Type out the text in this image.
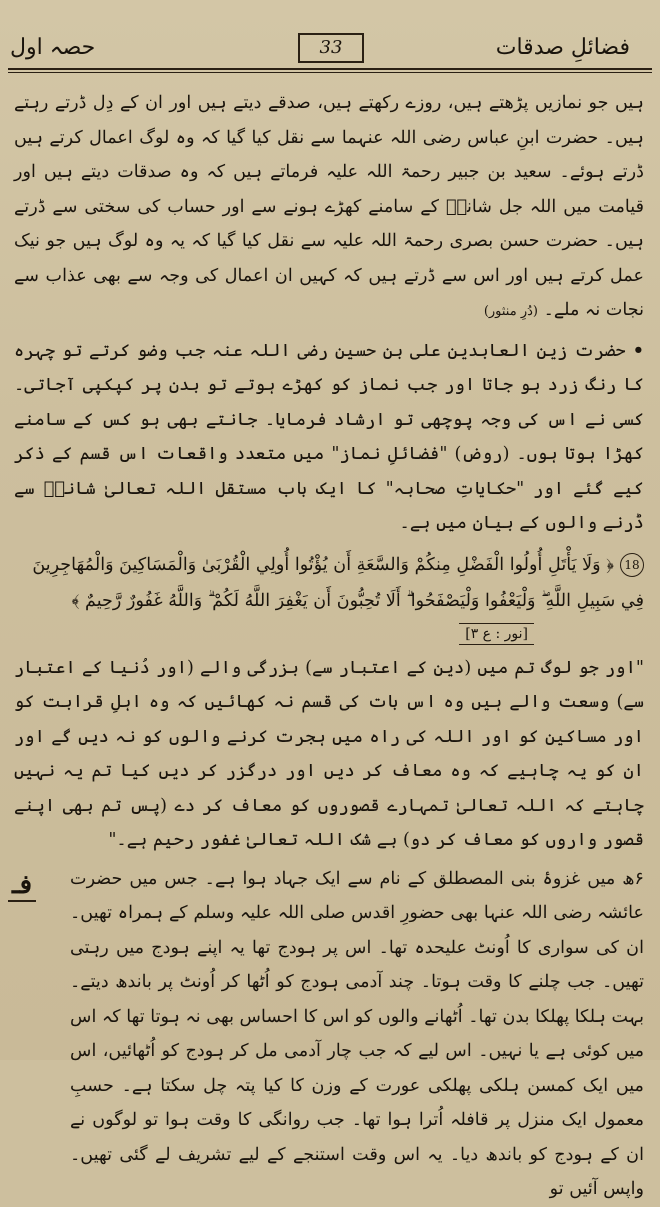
فضائلِ صدقات
33
حصہ اول

ہیں جو نمازیں پڑھتے ہیں، روزے رکھتے ہیں، صدقے دیتے ہیں اور ان کے دِل ڈرتے رہتے ہیں۔ حضرت ابنِ عباس رضی اللہ عنہما سے نقل کیا گیا کہ وہ لوگ اعمال کرتے ہیں ڈرتے ہوئے۔ سعید بن جبیر رحمۃ اللہ علیہ فرماتے ہیں کہ وہ صدقات دیتے ہیں اور قیامت میں اللہ جل شانہٗ کے سامنے کھڑے ہونے سے اور حساب کی سختی سے ڈرتے ہیں۔ حضرت حسن بصری رحمۃ اللہ علیہ سے نقل کیا گیا کہ یہ وہ لوگ ہیں جو نیک عمل کرتے ہیں اور اس سے ڈرتے ہیں کہ کہیں ان اعمال کی وجہ سے بھی عذاب سے نجات نہ ملے۔ (دُرِ منثور)

• حضرت زین العابدین علی بن حسین رضی اللہ عنہ جب وضو کرتے تو چہرہ کا رنگ زرد ہو جاتا اور جب نماز کو کھڑے ہوتے تو بدن پر کپکپی آجاتی۔ کسی نے اس کی وجہ پوچھی تو ارشاد فرمایا۔ جانتے بھی ہو کس کے سامنے کھڑا ہوتا ہوں۔ (روض) "فضائلِ نماز" میں متعدد واقعات اس قسم کے ذکر کیے گئے اور "حکایاتِ صحابہ" کا ایک باب مستقل اللہ تعالیٰ شانہٗ سے ڈرنے والوں کے بیان میں ہے۔

18﴿ وَلَا يَأْتَلِ أُولُوا الْفَضْلِ مِنكُمْ وَالسَّعَةِ أَن يُؤْتُوا أُولِي الْقُرْبَىٰ وَالْمَسَاكِينَ وَالْمُهَاجِرِينَ فِي سَبِيلِ اللَّهِ ۖ وَلْيَعْفُوا وَلْيَصْفَحُوا ۗ أَلَا تُحِبُّونَ أَن يَغْفِرَ اللَّهُ لَكُمْ ۗ وَاللَّهُ غَفُورٌ رَّحِيمٌ ﴾

[نور : ع ٣]

"اور جو لوگ تم میں (دین کے اعتبار سے) بزرگی والے (اور دُنیا کے اعتبار سے) وسعت والے ہیں وہ اس بات کی قسم نہ کھائیں کہ وہ اہلِ قرابت کو اور مساکین کو اور اللہ کی راہ میں ہجرت کرنے والوں کو نہ دیں گے اور ان کو یہ چاہیے کہ وہ معاف کر دیں اور درگزر کر دیں کیا تم یہ نہیں چاہتے کہ اللہ تعالیٰ تمہارے قصوروں کو معاف کر دے (پس تم بھی اپنے قصور واروں کو معاف کر دو) بے شک اللہ تعالیٰ غفور رحیم ہے۔"

فـ	۶ھ میں غزوۂ بنی المصطلق کے نام سے ایک جہاد ہوا ہے۔ جس میں حضرت عائشہ رضی اللہ عنہا بھی حضورِ اقدس صلی اللہ علیہ وسلم کے ہمراہ تھیں۔ ان کی سواری کا اُونٹ علیحدہ تھا۔ اس پر ہودج تھا یہ اپنے ہودج میں رہتی تھیں۔ جب چلنے کا وقت ہوتا۔ چند آدمی ہودج کو اُٹھا کر اُونٹ پر باندھ دیتے۔ بہت ہلکا پھلکا بدن تھا۔ اُٹھانے والوں کو اس کا احساس بھی نہ ہوتا تھا کہ اس میں کوئی ہے یا نہیں۔ اس لیے کہ جب چار آدمی مل کر ہودج کو اُٹھائیں، اس میں ایک کمسن ہلکی پھلکی عورت کے وزن کا کیا پتہ چل سکتا ہے۔ حسبِ معمول ایک منزل پر قافلہ اُترا ہوا تھا۔ جب روانگی کا وقت ہوا تو لوگوں نے ان کے ہودج کو باندھ دیا۔ یہ اس وقت استنجے کے لیے تشریف لے گئی تھیں۔ واپس آئیں تو
